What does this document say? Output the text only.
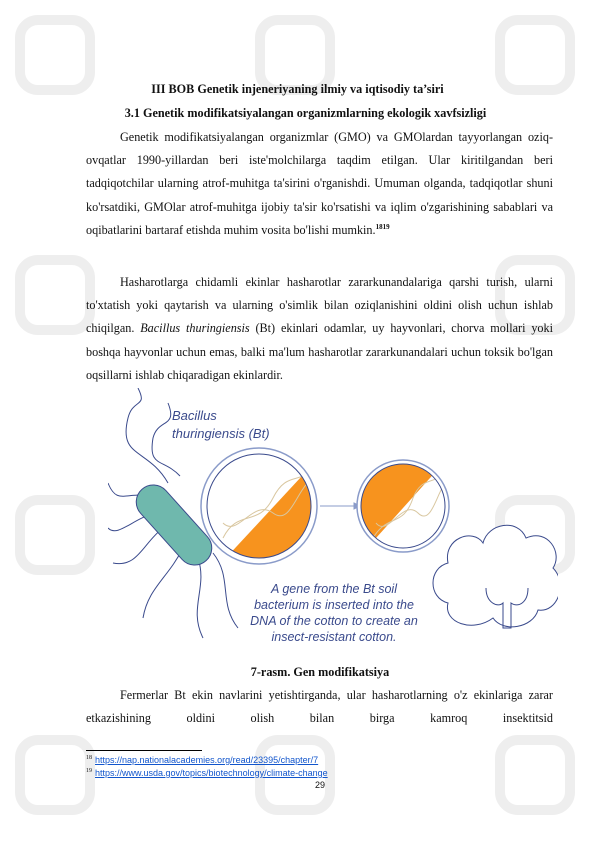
III BOB Genetik injeneriyaning ilmiy va iqtisodiy ta’siri
3.1 Genetik modifikatsiyalangan organizmlarning ekologik xavfsizligi

Genetik modifikatsiyalangan organizmlar (GMO) va GMOlardan tayyorlangan oziq-ovqatlar 1990-yillardan beri iste'molchilarga taqdim etilgan. Ular kiritilgandan beri tadqiqotchilar ularning atrof-muhitga ta'sirini o'rganishdi. Umuman olganda, tadqiqotlar shuni ko'rsatdiki, GMOlar atrof-muhitga ijobiy ta'sir ko'rsatishi va iqlim o'zgarishining sabablari va oqibatlarini bartaraf etishda muhim vosita bo'lishi mumkin.$^{1819}$

Hasharotlarga chidamli ekinlar hasharotlar zararkunandalariga qarshi turish, ularni to'xtatish yoki qaytarish va ularning o'simlik bilan oziqlanishini oldini olish uchun ishlab chiqilgan. Bacillus thuringiensis (Bt) ekinlari odamlar, uy hayvonlari, chorva mollari yoki boshqa hayvonlar uchun emas, balki ma'lum hasharotlar zararkunandalari uchun toksik bo'lgan oqsillarni ishlab chiqaradigan ekinlardir.

Bacillus
thuringiensis (Bt)
A gene from the Bt soil
bacterium is inserted into the
DNA of the cotton to create an
insect-resistant cotton.
7-rasm. Gen modifikatsiya

Fermerlar Bt ekin navlarini yetishtirganda, ular hasharotlarning o'z ekinlariga zarar etkazishining oldini olish bilan birga kamroq insektitsid

$^{18}$ https://nap.nationalacademies.org/read/23395/chapter/7
$^{19}$ https://www.usda.gov/topics/biotechnology/climate-change
29
